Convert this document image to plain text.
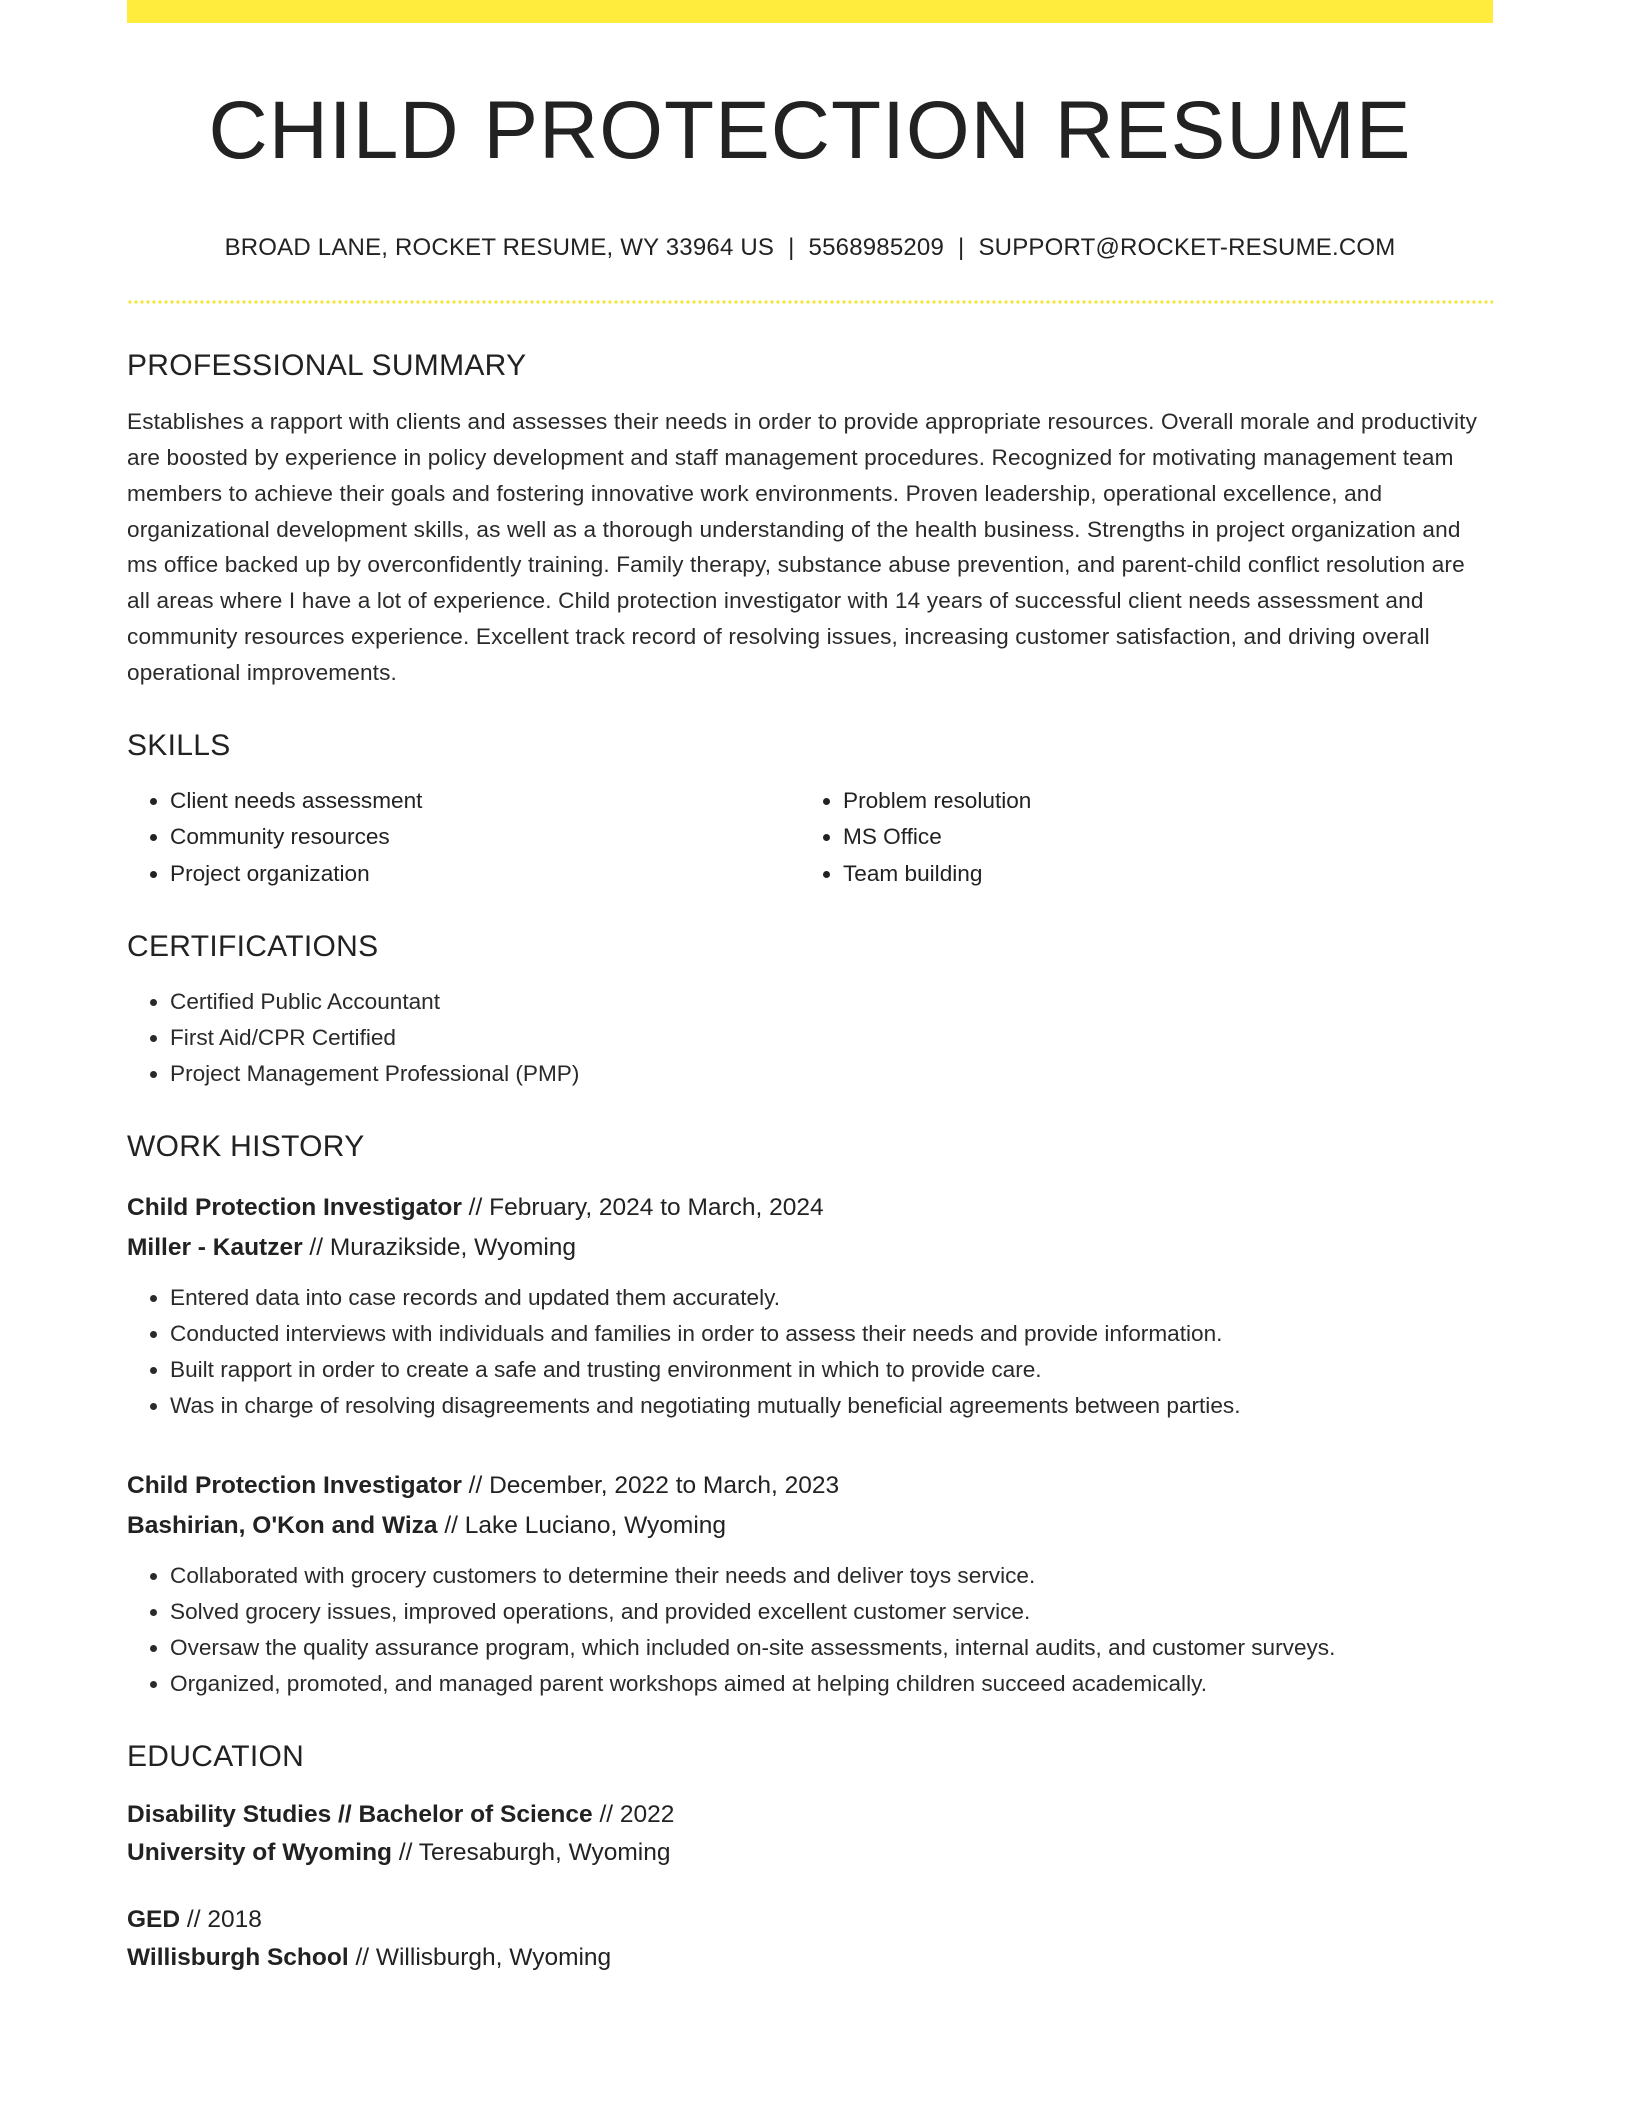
CHILD PROTECTION RESUME
BROAD LANE, ROCKET RESUME, WY 33964 US | 5568985209 | SUPPORT@ROCKET-RESUME.COM
PROFESSIONAL SUMMARY
Establishes a rapport with clients and assesses their needs in order to provide appropriate resources. Overall morale and productivity are boosted by experience in policy development and staff management procedures. Recognized for motivating management team members to achieve their goals and fostering innovative work environments. Proven leadership, operational excellence, and organizational development skills, as well as a thorough understanding of the health business. Strengths in project organization and ms office backed up by overconfidently training. Family therapy, substance abuse prevention, and parent-child conflict resolution are all areas where I have a lot of experience. Child protection investigator with 14 years of successful client needs assessment and community resources experience. Excellent track record of resolving issues, increasing customer satisfaction, and driving overall operational improvements.
SKILLS
• Client needs assessment
• Community resources
• Project organization
• Problem resolution
• MS Office
• Team building
CERTIFICATIONS
• Certified Public Accountant
• First Aid/CPR Certified
• Project Management Professional (PMP)
WORK HISTORY
Child Protection Investigator // February, 2024 to March, 2024
Miller - Kautzer // Murazikside, Wyoming
• Entered data into case records and updated them accurately.
• Conducted interviews with individuals and families in order to assess their needs and provide information.
• Built rapport in order to create a safe and trusting environment in which to provide care.
• Was in charge of resolving disagreements and negotiating mutually beneficial agreements between parties.
Child Protection Investigator // December, 2022 to March, 2023
Bashirian, O'Kon and Wiza // Lake Luciano, Wyoming
• Collaborated with grocery customers to determine their needs and deliver toys service.
• Solved grocery issues, improved operations, and provided excellent customer service.
• Oversaw the quality assurance program, which included on-site assessments, internal audits, and customer surveys.
• Organized, promoted, and managed parent workshops aimed at helping children succeed academically.
EDUCATION
Disability Studies // Bachelor of Science // 2022
University of Wyoming // Teresaburgh, Wyoming
GED // 2018
Willisburgh School // Willisburgh, Wyoming
